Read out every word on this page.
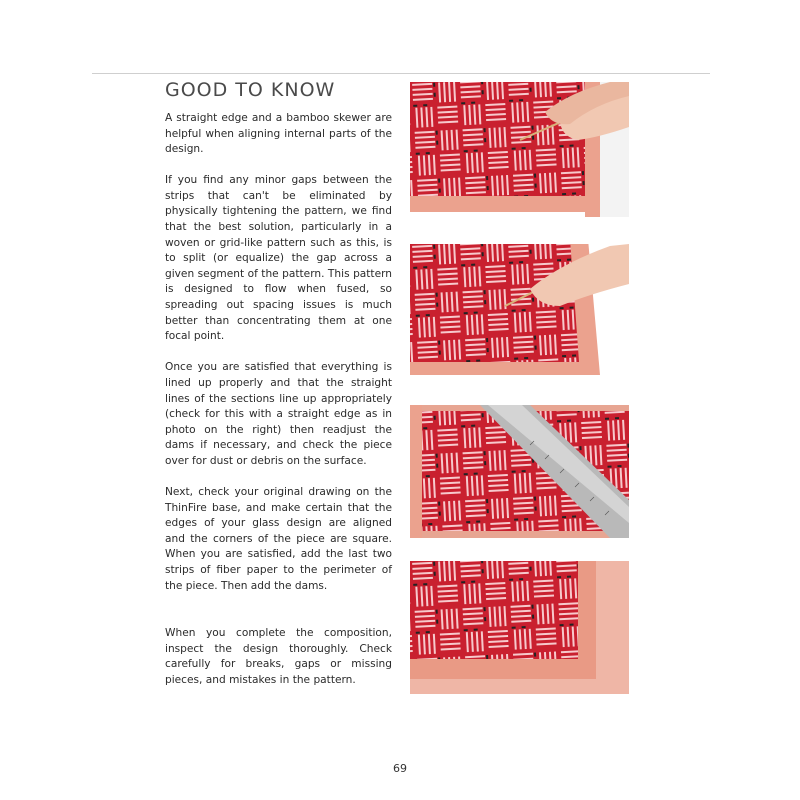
GOOD TO KNOW

A straight edge and a bamboo skewer are helpful when aligning internal parts of the design.

If you find any minor gaps between the strips that can't be eliminated by physically tightening the pattern, we find that the best solution, particularly in a woven or grid-like pattern such as this, is to split (or equalize) the gap across a given segment of the pattern. This pattern is designed to flow when fused, so spreading out spacing issues is much better than concentrating them at one focal point.

Once you are satisfied that everything is lined up properly and that the straight lines of the sections line up appropriately (check for this with a straight edge as in photo on the right) then readjust the dams if necessary, and check the piece over for dust or debris on the surface.

Next, check your original drawing on the ThinFire base, and make certain that the edges of your glass design are aligned and the corners of the piece are square. When you are satisfied, add the last two strips of fiber paper to the perimeter of the piece. Then add the dams.

When you complete the composition, inspect the design thoroughly. Check carefully for breaks, gaps or missing pieces, and mistakes in the pattern.

69
